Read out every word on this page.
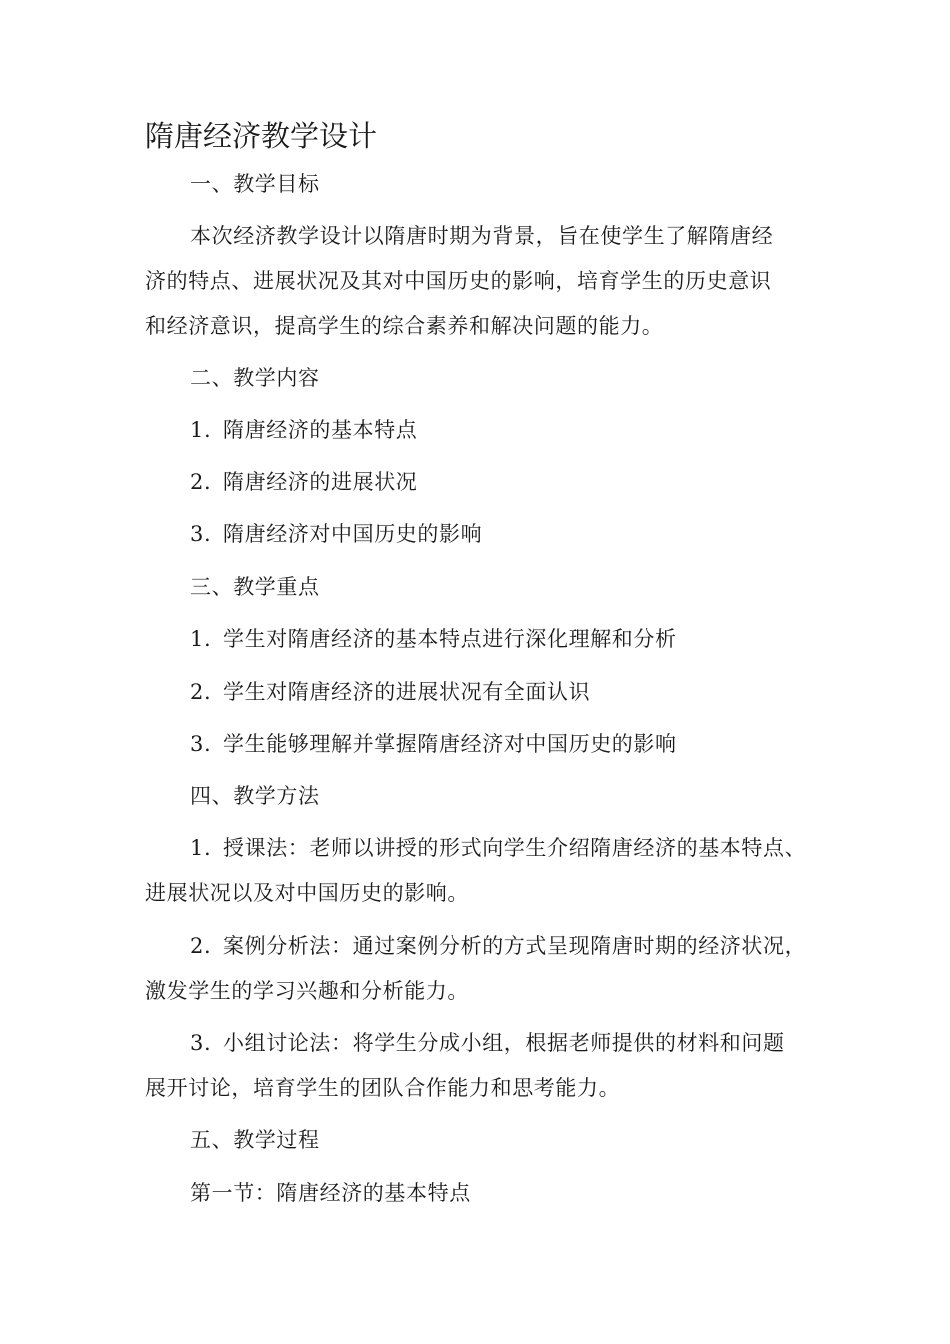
隋唐经济教学设计
一、教学目标
本次经济教学设计以隋唐时期为背景，旨在使学生了解隋唐经
济的特点、进展状况及其对中国历史的影响，培育学生的历史意识
和经济意识，提高学生的综合素养和解决问题的能力。
二、教学内容
1. 隋唐经济的基本特点
2. 隋唐经济的进展状况
3. 隋唐经济对中国历史的影响
三、教学重点
1. 学生对隋唐经济的基本特点进行深化理解和分析
2. 学生对隋唐经济的进展状况有全面认识
3. 学生能够理解并掌握隋唐经济对中国历史的影响
四、教学方法
1. 授课法：老师以讲授的形式向学生介绍隋唐经济的基本特点、
进展状况以及对中国历史的影响。
2. 案例分析法：通过案例分析的方式呈现隋唐时期的经济状况，
激发学生的学习兴趣和分析能力。
3. 小组讨论法：将学生分成小组，根据老师提供的材料和问题
展开讨论，培育学生的团队合作能力和思考能力。
五、教学过程
第一节：隋唐经济的基本特点
